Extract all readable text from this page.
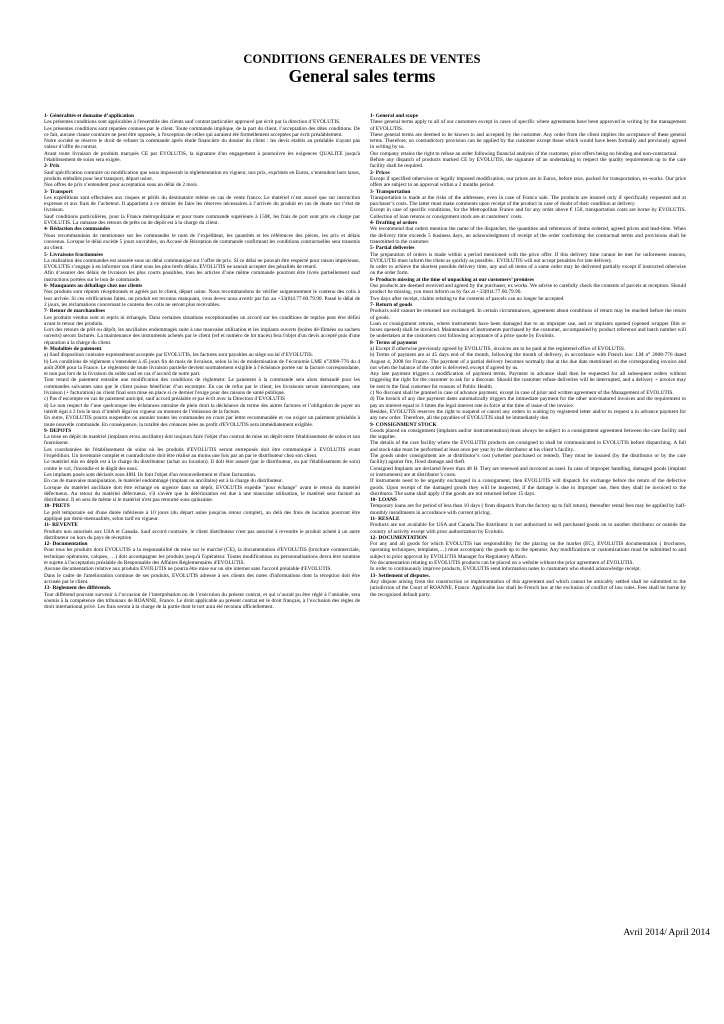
CONDITIONS GENERALES DE VENTES
General sales terms
1- Généralités et domaine d’application

Les présentes conditions sont applicables à l'ensemble des clients sauf contrat particulier approuvé par écrit par la direction d’EVOLUTIS.

Les présentes conditions sont réputées connues par le client. Toute commande implique, de la part du client, l’acceptation des dites conditions. De ce fait, aucune clause contraire ne peut être opposée, à l'exception de celles qui auraient été formellement acceptées par écrit préalablement.

Notre société se réserve le droit de refuser la commande après étude financière du dossier du client : les devis établis au préalable n'ayant pas valeur d’offre de contrat.

Avant toute livraison de produits marqués CE par EVOLUTIS, la signature d'un engagement à poursuivre les exigences QUALITE jusqu'à l'établissement de soins sera exigée.

2- Prix

Sauf spécification contraire ou modification que nous imposerait la réglementation en vigueur, nos prix, exprimés en Euros, s’entendent hors taxes, produits emballés pour leur transport, départ usine.

Nos offres de prix s’entendent pour acceptation sous un délai de 2 mois.

3- Transport

Les expéditions sont effectuées aux risques et périls du destinataire même en cas de vente franco. Le matériel n’est assuré que sur instruction expresse et aux frais de l’acheteur. Il appartient à ce dernier de faire les réserves nécessaires à l’arrivée du produit en cas de doute sur l’état de livraison.

Sauf conditions particulières, pour la France métropolitaine et pour toute commande supérieure à 150€, les frais de port sont pris en charge par EVOLUTIS. La ramasse des retours de prêts ou de dépôt est à la charge du client.

4- Rédaction des commandes

Nous recommandons de mentionner sur les commandes le nom de l’expéditeur, les quantités et les références des pièces, les prix et délais convenus. Lorsque le délai excède 5 jours ouvrables, un Accusé de Réception de commande confirmant les conditions contractuelles sera transmis au client.

5- Livraisons fractionnées

La réalisation des commandes est assurée sous un délai communiqué sur l’offre de prix. Si ce délai ne pouvait être respecté pour raison impérieuse, EVOLUTIS s’engage à en informer son client sous les plus brefs délais. EVOLUTIS ne saurait accepter des pénalités de retard.

Afin d’assurer des délais de livraison les plus courts possibles, tous les articles d’une même commande pourront être livrés partiellement sauf instructions portées sur le bon de commande.

6- Manquants au déballage chez nos clients

Nos produits sont réputés réceptionnés et agréés par le client, départ usine. Nous recommandons de vérifier soigneusement le contenu des colis à leur arrivée. Si ces vérifications faites, un produit est reconnu manquant, vous devez nous avertir par fax au +33(0)4.77.60.79.90. Passé le délai de 2 jours, les réclamations concernant le contenu des colis ne seront plus recevables.

7- Retour de marchandises

Les produits vendus sont ni repris ni échangés. Dans certaines situations exceptionnelles un accord sur les conditions de reprise peut être défini avant le retour des produits.

Lors des retours de prêt ou dépôt, les ancillaires endommagés suite à une mauvaise utilisation et les implants ouverts (boites dé-filmées ou sachets ouverts) seront facturés. La maintenance des instruments achetés par le client (ref et numéro de lot tracés) fera l'objet d'un devis accepté puis d'une réparation à la charge du client.

8- Modalités de paiement

a) Sauf disposition contraire expressément acceptée par EVOLUTIS, les factures sont payables au siège social d’EVOLUTIS.

b) Les conditions de règlement s’entendent à 45 jours fin de mois de livraison, selon la loi de modernisation de l’économie LME n°2008-776 du 4 août 2008 pour la France. Le règlement de toute livraison partielle devient normalement exigible à l’échéance portée sur la facture correspondante, et non pas lors de la livraison du solde sauf en cas d’accord de notre part.

Tout retard de paiement entraîne une modification des conditions de règlement: Le paiement à la commande sera alors demandé pour les commandes suivantes sans que le client puisse bénéficier d’un escompte. En cas de refus par le client, les livraisons seront interrompues, une livraison (+ facturation) au client final sera mise en place si ce dernier l'exige pour des raisons de santé publique.

c) Pas d’escompte en cas de paiement anticipé, sauf accord préalable et par écrit avec la Direction d’EVOLUTIS

d) Le non respect de l’une quelconque des échéances entraîne de plein droit la déchéance du terme des autres factures et l’obligation de payer un intérêt égal à 3 fois le taux d’intérêt légal en vigueur au moment de l’émission de la facture.

En outre, EVOLUTIS pourra suspendre ou annuler toutes les commandes en cours par lettre recommandée et /ou exiger un paiement préalable à toute nouvelle commande. En conséquence, la totalité des créances nées au profit d'EVOLUTIS sera immédiatement exigible.

9- DEPOTS

La mise en dépôt de matériel (implants et/ou ancillaire) doit toujours faire l'objet d'un contrat de mise en dépôt entre l'établissement de soins et son fournisseur.

Les coordonnées de l'établissement de soins où les produits d'EVOLUTIS seront entreposés doit être communiqué à EVOLUTIS avant l'expédition. Un inventaire complet et contradictoire doit être réalisé au moins une fois par an par le distributeur chez son client.

Le matériel mis en dépôt est à la charge du distributeur (achat ou location). Il doit être assuré (par le distributeur, ou par l'établissement de soin) contre le vol, l'incendie et le dégât des eaux.

Les implants posés sont déclarés sous 48H. Ils font l'objet d'un renouvellement et d'une facturation.

En cas de mauvaise manipulation, le matériel endommagé (implant ou ancillaire) est à la charge du distributeur.

Lorsque du matériel ancillaire doit être échangé en urgence dans un dépôt, EVOLUTIS expédie "pour échange" avant le retour du matériel défectueux. Au retour du matériel défectueux, s'il s'avère que la détérioration est due à une mauvaise utilisation, le matériel sera facturé au distributeur. Il en sera de même si le matériel n'est pas retourné sous quinzaine.

10- PRETS

Le prêt temporaire est d'une durée inférieure à 10 jours (du départ usine jusqu'au retour complet), au delà des frais de location pourront être appliqué par demi-mensualités, selon tarif en vigueur.

11- REVENTE

Produits non autorisés aux USA et Canada. Sauf accord contraire, le client distributeur n'est pas autorisé à revendre le produit acheté à un autre distributeur ou hors du pays de réception

12- Documentation

Pour tous les produits dont EVOLUTIS a la responsabilité de mise sur le marché (CE), la documentation d'EVOLUTIS (brochure commerciale, technique opératoire, calques, …) doit accompagner les produits jusqu'à l'opérateur. Toutes modifications ou personnalisations devra être soumise et sujette à l'acceptation préalable du Responsable des Affaires Réglementaires d'EVOLUTIS.

Aucune documentation relative aux produits EVOLUTIS ne pourra être mise sur un site internet sans l'accord préalable d'EVOLUTIS.

Dans le cadre de l'amélioration continue de ses produits, EVOLUTIS adresse à ses clients des notes d'informations dont la réception doit être accusée par le client.

13- Règlement des différends.

Tout différend pouvant survenir à l’occasion de l’interprétation ou de l’exécution du présent contrat, et qui n’aurait pu être réglé à l’amiable, sera soumis à la compétence des tribunaux de ROANNE, France. Le droit applicable au présent contrat est le droit français, à l’exclusion des règles de droit international privé. Les frais seront à la charge de la partie dont le tort aura été reconnu officiellement.

1- General and scope

These general terms apply to all of our customers except in cases of specific where agreements have been approved in writing by the management of EVOLUTIS.

These general terms are deemed to be known to and accepted by the customer. Any order from the client implies the acceptance of these general terms. Therefore, no contradictory provision can be applied by the customer except those which would have been formally and previously agreed in writing by us.

Our company retains the right to refuse an order following financial analysis of the customer, prior offers being no binding and non-contractual.

Before any dispatch of products marked CE by EVOLUTIS, the signature of an undertaking to respect the quality requirements up to the care facility shall be required.

2- Prices

Except if specified otherwise or legally imposed modification, our prices are in Euros, before taxe, packed for transportation, ex-works. Our price offers are subject to an approval within a 2 months period.

3- Transportation

Transportation is made at the risks of the addressee, even in case of Franco sale. The products are insured only if specifically requested and at purchaser’s costs. The latter must make comments upon receipt of the product in case of doubt of their condition at delivery.

Except in case of specific conditions, for the Metropolitan France and for any order above € 150, transportation costs are borne by EVOLUTIS. Collection of loan returns or consignment stock are at customers’ costs.

4- Drafting of orders

We recommend that orders mention the name of the dispatcher, the quantities and references of items ordered, agreed prices and lead-time. When the delivery time exceeds 5 business days, an acknowledgment of receipt of the order confirming the contractual terms and provisions shall be transmitted to the customer.

5- Partial deliveries

The preparation of orders is made within a period mentioned with the price offer. If this delivery time cannot be met for unforeseen reasons, EVOLUTIS must inform the client as quickly as possible.. EVOLUTIS will not accept penalties for late delivery.

In order to achieve the shortest possible delivery time, any and all items of a same order may be delivered partially except if instructed otherwise on the order form.

6- Products missing at the time of unpacking at our customers’ premises

Our products are deemed received and agreed by the purchaser, ex works. We advise to carefully check the contents of parcels at reception. Should product be missing, you must inform us by fax at +33(0)4.77.60.79.90.

Two days after receipt, claims relating to the contents of parcels can no longer be accepted

7- Return of goods

Products sold cannot be returned nor exchanged. In certain circumstances, agreement about conditions of return may be reached before the return of goods.

Loan or consignment returns, where instruments have been damaged due to an improper use, and or implants opened (opened wrapper film or boxes opened) shall be invoiced. Maintenance of instruments purchased by the customer, accompanied by product reference and batch number will be undertaken at the customers cost following acceptance of a price quote by Evolutis.

8- Terms of payment

a) Except if otherwise previously agreed by EVOLUTIS, invoices are to be paid at the registered office of EVOLUTIS.

b) Terms of payment are at 45 days end of the month, following the month of delivery, in accordance with French law: LM n° 2008-776 dated August 4, 2008 for France. The payment of a partial delivery becomes normally due at the due date mentioned on the corresponding invoice and not when the balance of the order is delivered, except if agreed by us.

Any late payment triggers a modification of payment terms. Payment in advance shall then be requested for all subsequent orders without triggering the right for the customer to ask for a discount. Should the customer refuse deliveries will be interrupted, and a delivery + invoice may be sent to the final customer for reasons of Public Health.

c) No discount shall be granted in case of advance payment, except in case of prior and written agreement of the Management of EVOLUTIS.

d) The breach of any due payment dates automatically triggers the immediate payment for the other non-matured invoices and the requirement to pay an interest equal to 3 times the legal interest rate in force at the time of issue of the invoice.

Besides, EVOLUTIS reserves the right to suspend or cancel any orders in waiting by registered letter and/or to request a in advance payment for any new order. Therefore, all the payables of EVOLUTIS shall be immediately due.

9- CONSIGNMENT STOCK

Goods placed on consignment (implants and/or instrumentation) must always be subject to a consignment agreement between the care facility and the supplier.

The details of the care facility where the EVOLUTIS products are consigned to shall be communicated to EVOLUTIS before dispatching. A full and stock-take must be performed at least once per year by the distributor at his client’s facility..

The goods under consignment are at distributor’s cost (whether purchased or rented). They must be insured (by the distributor or by the care facility) against fire, flood damage and theft.

Consigned Implants are declared fewer than 48 H. They are renewed and invoiced as used. In case of improper handling, damaged goods (implant or instruments) are at distributor’s costs.

If instruments need to be urgently exchanged in a consignment, then EVOLUTIS will dispatch for exchange before the return of the defective goods. Upon receipt of the damaged goods they will be inspected, if the damage is due to improper use, then they shall be invoiced to the distributor. The same shall apply if the goods are not returned before 15 days.

10- LOANS

Temporary loans are for period of less than 10 days ( from dispatch from the factory up to full return), thereafter rental fees may be applied by half-monthly installments in accordance with current pricing.

11- RESALE

Products are not available for USA and Canada.The distributor is not authorized to sell purchased goods on to another distributor or outside the country of activity except with prior authorization by Evolutis.

12- DOCUMENTATION

For any and all goods for which EVOLUTIS has responsibility for the placing on the market (EC), EVOLUTIS documentation ( brochures, operating techniques, templates,…) must accompany the goods up to the operator. Any modifications or customizations must be submitted to and subject to prior approval by EVOLUTIS Manager for Regulatory Affairs.

No documentation relating to EVOLUTIS products can be placed on a website without the prior agreement of EVOLUTIS.

In order to continuously improve products, EVOLUTIS send information notes to customers who should acknowledge receipt.

13- Settlement of disputes.

Any dispute arising from the construction or implementation of this agreement and which cannot be amicably settled shall be submitted to the jurisdiction of the Court of ROANNE, France. Applicable law shall be French law at the exclusion of conflict of law rules. Fees shall be borne by the recognized default party.

Avril 2014/ April 2014
